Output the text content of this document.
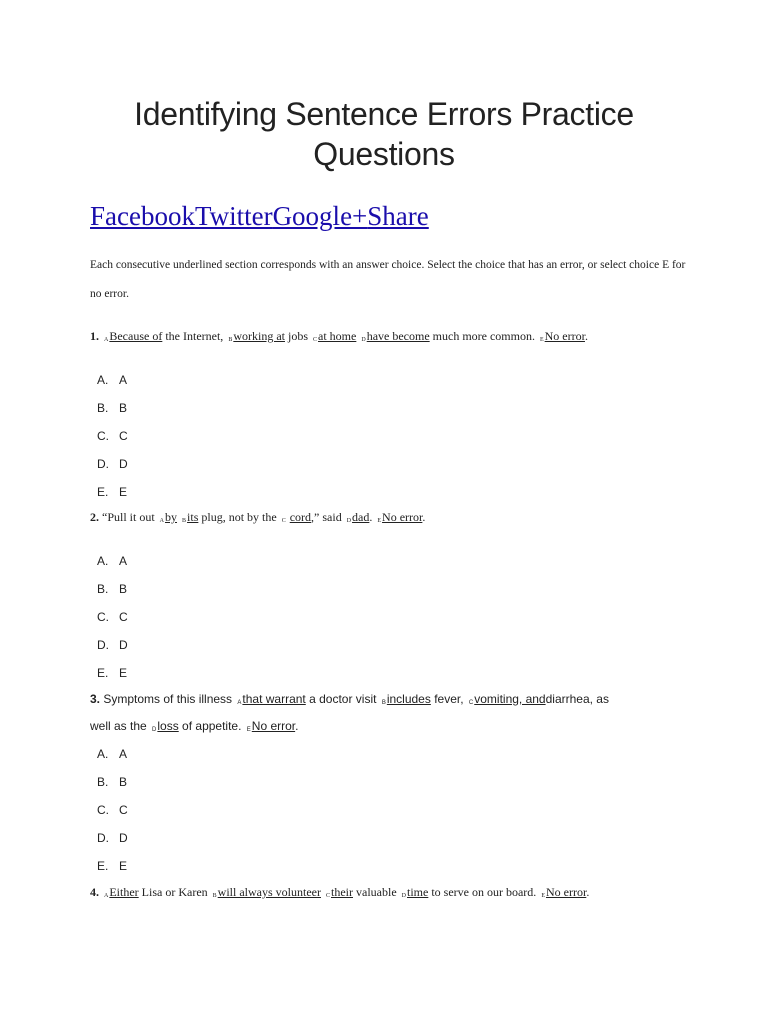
Identifying Sentence Errors Practice Questions
FacebookTwitterGoogle+Share

Each consecutive underlined section corresponds with an answer choice. Select the choice that has an error, or select choice E for no error.

1. ABecause of the Internet, Bworking at jobs Cat home Dhave become much more common. ENo error.
A. A
B. B
C. C
D. D
E. E
2. “Pull it out Aby Bits plug, not by the C cord,” said Ddad. ENo error.
A. A
B. B
C. C
D. D
E. E
3. Symptoms of this illness Athat warrant a doctor visit Bincludes fever, Cvomiting, anddiarrhea, as
well as the Dloss of appetite. ENo error.
A. A
B. B
C. C
D. D
E. E
4. AEither Lisa or Karen Bwill always volunteer Ctheir valuable Dtime to serve on our board. ENo error.
